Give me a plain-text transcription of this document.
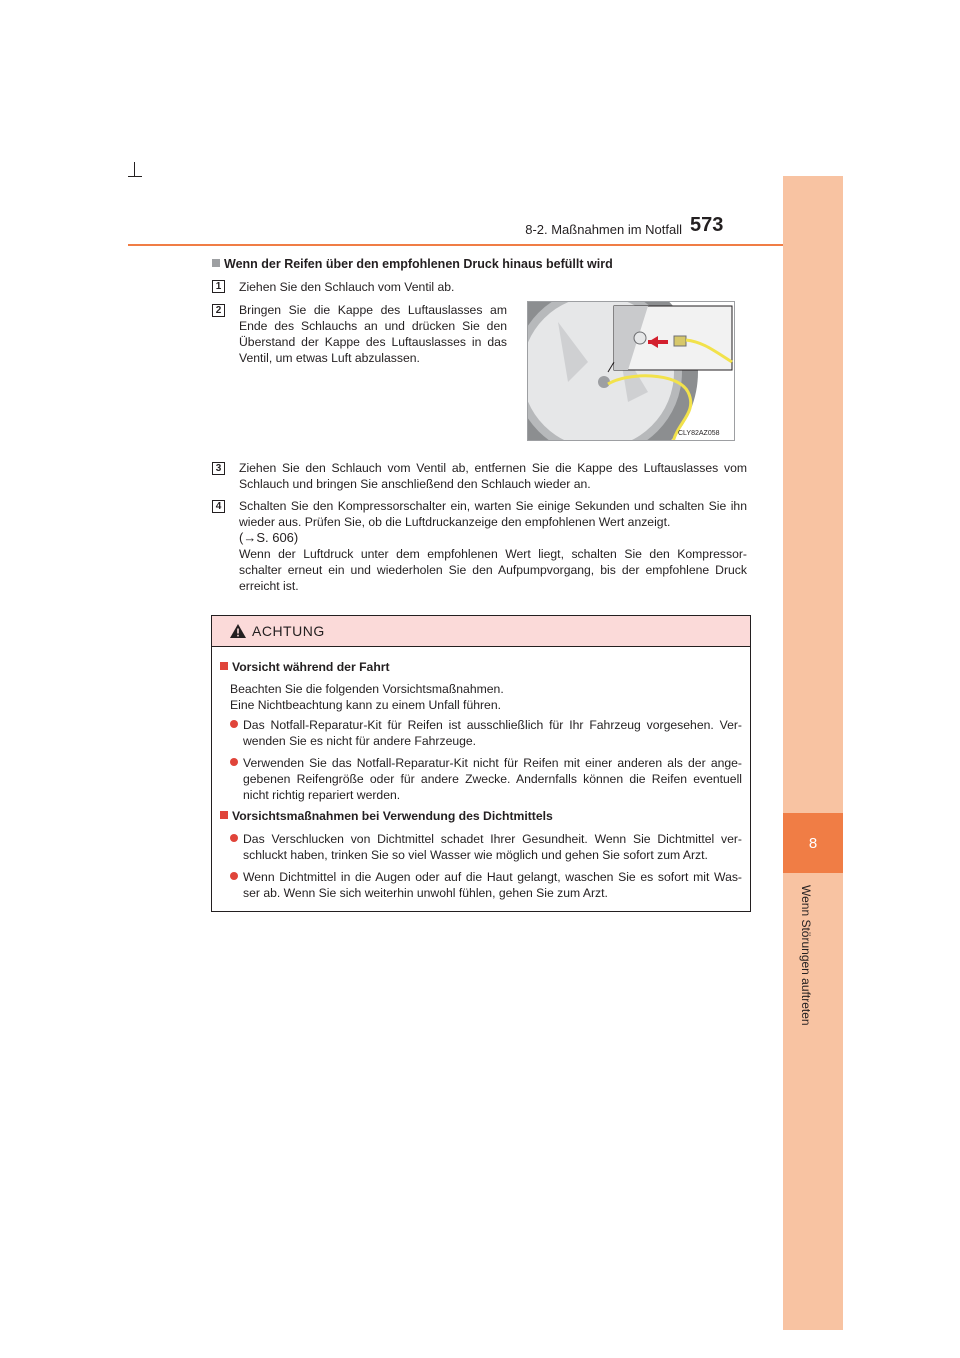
8
Wenn Störungen auftreten
8-2. Maßnahmen im Notfall 573
Wenn der Reifen über den empfohlenen Druck hinaus befüllt wird
1	Ziehen Sie den Schlauch vom Ventil ab.
2	Bringen Sie die Kappe des Luftauslasses am
Ende des Schlauchs an und drücken Sie den
Überstand der Kappe des Luftauslasses in das
Ventil, um etwas Luft abzulassen.
CLY82AZ058
3	Ziehen Sie den Schlauch vom Ventil ab, entfernen Sie die Kappe des Luftauslasses vom
Schlauch und bringen Sie anschließend den Schlauch wieder an.
4	Schalten Sie den Kompressorschalter ein, warten Sie einige Sekunden und schalten Sie ihn
wieder aus. Prüfen Sie, ob die Luftdruckanzeige den empfohlenen Wert anzeigt.
(→S. 606)
Wenn der Luftdruck unter dem empfohlenen Wert liegt, schalten Sie den Kompressor-
schalter erneut ein und wiederholen Sie den Aufpumpvorgang, bis der empfohlene Druck
erreicht ist.
ACHTUNG
Vorsicht während der Fahrt
Beachten Sie die folgenden Vorsichtsmaßnahmen.
Eine Nichtbeachtung kann zu einem Unfall führen.
Das Notfall-Reparatur-Kit für Reifen ist ausschließlich für Ihr Fahrzeug vorgesehen. Ver-
wenden Sie es nicht für andere Fahrzeuge.
Verwenden Sie das Notfall-Reparatur-Kit nicht für Reifen mit einer anderen als der ange-
gebenen Reifengröße oder für andere Zwecke. Andernfalls können die Reifen eventuell
nicht richtig repariert werden.
Vorsichtsmaßnahmen bei Verwendung des Dichtmittels
Das Verschlucken von Dichtmittel schadet Ihrer Gesundheit. Wenn Sie Dichtmittel ver-
schluckt haben, trinken Sie so viel Wasser wie möglich und gehen Sie sofort zum Arzt.
Wenn Dichtmittel in die Augen oder auf die Haut gelangt, waschen Sie es sofort mit Was-
ser ab. Wenn Sie sich weiterhin unwohl fühlen, gehen Sie zum Arzt.
